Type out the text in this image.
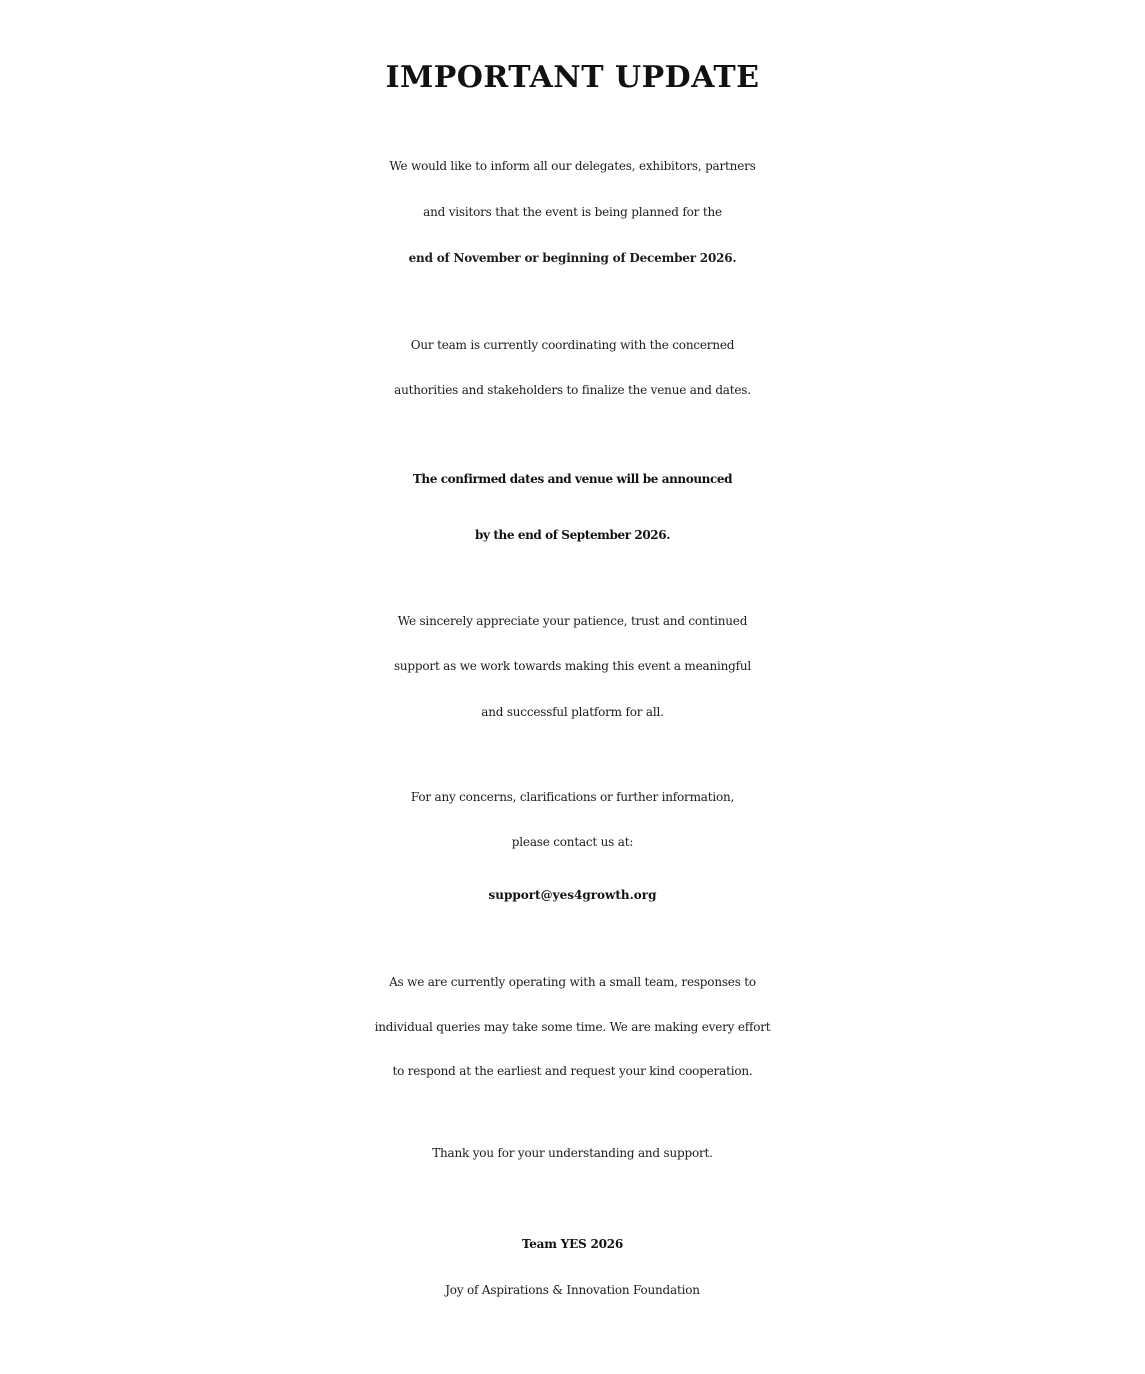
IMPORTANT UPDATE
We would like to inform all our delegates, exhibitors, partners
and visitors that the event is being planned for the
end of November or beginning of December 2026.
Our team is currently coordinating with the concerned
authorities and stakeholders to finalize the venue and dates.
The confirmed dates and venue will be announced
by the end of September 2026.
We sincerely appreciate your patience, trust and continued
support as we work towards making this event a meaningful
and successful platform for all.
For any concerns, clarifications or further information,
please contact us at:
support@yes4growth.org
As we are currently operating with a small team, responses to
individual queries may take some time. We are making every effort
to respond at the earliest and request your kind cooperation.
Thank you for your understanding and support.
Team YES 2026
Joy of Aspirations & Innovation Foundation
